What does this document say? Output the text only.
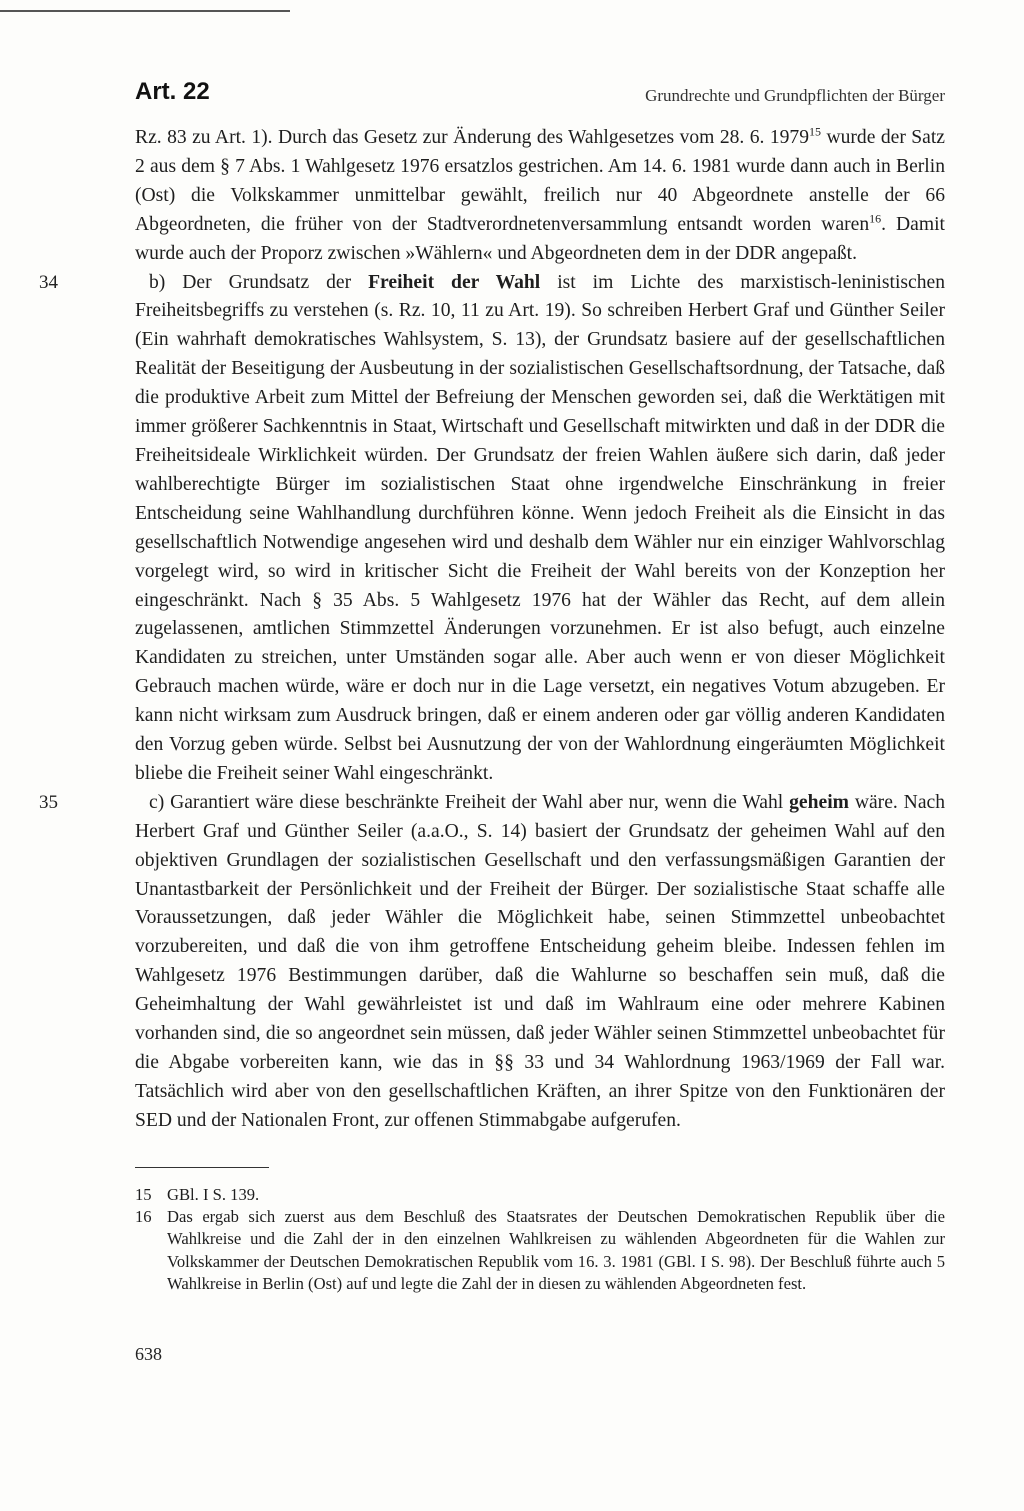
Art. 22	Grundrechte und Grundpflichten der Bürger

Rz. 83 zu Art. 1). Durch das Gesetz zur Änderung des Wahlgesetzes vom 28. 6. 1979$^{15}$ wurde der Satz 2 aus dem § 7 Abs. 1 Wahlgesetz 1976 ersatzlos gestrichen. Am 14. 6. 1981 wurde dann auch in Berlin (Ost) die Volkskammer unmittelbar gewählt, freilich nur 40 Abgeordnete anstelle der 66 Abgeordneten, die früher von der Stadtverordnetenversammlung entsandt worden waren$^{16}$. Damit wurde auch der Proporz zwischen »Wählern« und Abgeordneten dem in der DDR angepaßt.

34	b) Der Grundsatz der Freiheit der Wahl ist im Lichte des marxistisch-leninistischen Freiheitsbegriffs zu verstehen (s. Rz. 10, 11 zu Art. 19). So schreiben Herbert Graf und Günther Seiler (Ein wahrhaft demokratisches Wahlsystem, S. 13), der Grundsatz basiere auf der gesellschaftlichen Realität der Beseitigung der Ausbeutung in der sozialistischen Gesellschaftsordnung, der Tatsache, daß die produktive Arbeit zum Mittel der Befreiung der Menschen geworden sei, daß die Werktätigen mit immer größerer Sachkenntnis in Staat, Wirtschaft und Gesellschaft mitwirkten und daß in der DDR die Freiheitsideale Wirklichkeit würden. Der Grundsatz der freien Wahlen äußere sich darin, daß jeder wahlberechtigte Bürger im sozialistischen Staat ohne irgendwelche Einschränkung in freier Entscheidung seine Wahlhandlung durchführen könne. Wenn jedoch Freiheit als die Einsicht in das gesellschaftlich Notwendige angesehen wird und deshalb dem Wähler nur ein einziger Wahlvorschlag vorgelegt wird, so wird in kritischer Sicht die Freiheit der Wahl bereits von der Konzeption her eingeschränkt. Nach § 35 Abs. 5 Wahlgesetz 1976 hat der Wähler das Recht, auf dem allein zugelassenen, amtlichen Stimmzettel Änderungen vorzunehmen. Er ist also befugt, auch einzelne Kandidaten zu streichen, unter Umständen sogar alle. Aber auch wenn er von dieser Möglichkeit Gebrauch machen würde, wäre er doch nur in die Lage versetzt, ein negatives Votum abzugeben. Er kann nicht wirksam zum Ausdruck bringen, daß er einem anderen oder gar völlig anderen Kandidaten den Vorzug geben würde. Selbst bei Ausnutzung der von der Wahlordnung eingeräumten Möglichkeit bliebe die Freiheit seiner Wahl eingeschränkt.

35	c) Garantiert wäre diese beschränkte Freiheit der Wahl aber nur, wenn die Wahl geheim wäre. Nach Herbert Graf und Günther Seiler (a.a.O., S. 14) basiert der Grundsatz der geheimen Wahl auf den objektiven Grundlagen der sozialistischen Gesellschaft und den verfassungsmäßigen Garantien der Unantastbarkeit der Persönlichkeit und der Freiheit der Bürger. Der sozialistische Staat schaffe alle Voraussetzungen, daß jeder Wähler die Möglichkeit habe, seinen Stimmzettel unbeobachtet vorzubereiten, und daß die von ihm getroffene Entscheidung geheim bleibe. Indessen fehlen im Wahlgesetz 1976 Bestimmungen darüber, daß die Wahlurne so beschaffen sein muß, daß die Geheimhaltung der Wahl gewährleistet ist und daß im Wahlraum eine oder mehrere Kabinen vorhanden sind, die so angeordnet sein müssen, daß jeder Wähler seinen Stimmzettel unbeobachtet für die Abgabe vorbereiten kann, wie das in §§ 33 und 34 Wahlordnung 1963/1969 der Fall war. Tatsächlich wird aber von den gesellschaftlichen Kräften, an ihrer Spitze von den Funktionären der SED und der Nationalen Front, zur offenen Stimmabgabe aufgerufen.

15 GBl. I S. 139.
16 Das ergab sich zuerst aus dem Beschluß des Staatsrates der Deutschen Demokratischen Republik über die Wahlkreise und die Zahl der in den einzelnen Wahlkreisen zu wählenden Abgeordneten für die Wahlen zur Volkskammer der Deutschen Demokratischen Republik vom 16. 3. 1981 (GBl. I S. 98). Der Beschluß führte auch 5 Wahlkreise in Berlin (Ost) auf und legte die Zahl der in diesen zu wählenden Abgeordneten fest.
638
